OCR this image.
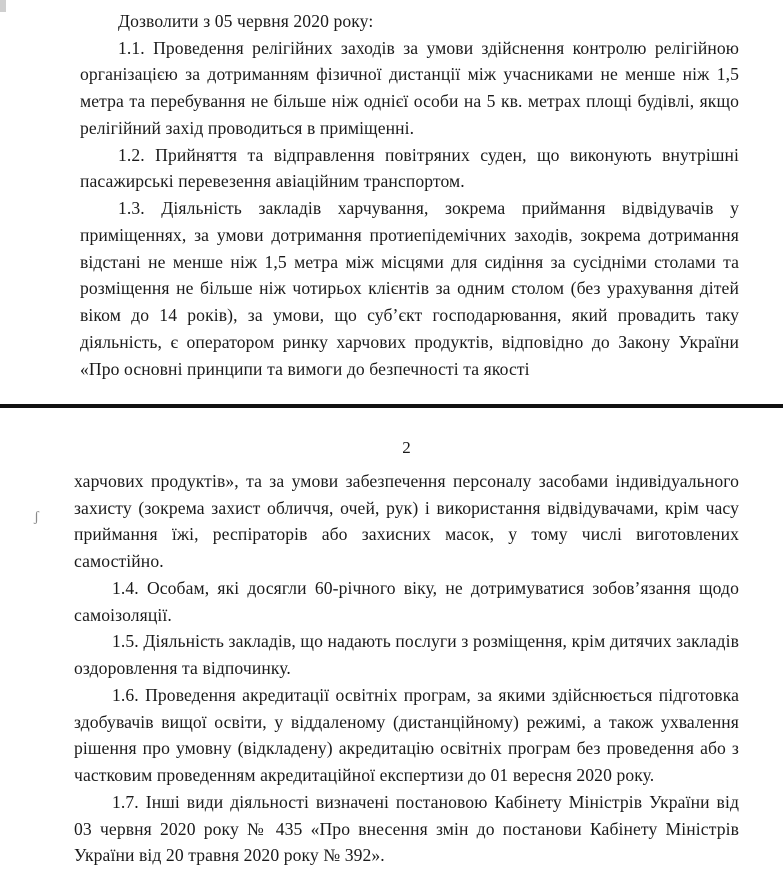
Дозволити з 05 червня 2020 року:

1.1. Проведення релігійних заходів за умови здійснення контролю релігійною організацією за дотриманням фізичної дистанції між учасниками не менше ніж 1,5 метра та перебування не більше ніж однієї особи на 5 кв. метрах площі будівлі, якщо релігійний захід проводиться в приміщенні.

1.2. Прийняття та відправлення повітряних суден, що виконують внутрішні пасажирські перевезення авіаційним транспортом.

1.3. Діяльність закладів харчування, зокрема приймання відвідувачів у приміщеннях, за умови дотримання протиепідемічних заходів, зокрема дотримання відстані не менше ніж 1,5 метра між місцями для сидіння за сусідніми столами та розміщення не більше ніж чотирьох клієнтів за одним столом (без урахування дітей віком до 14 років), за умови, що суб’єкт господарювання, який провадить таку діяльність, є оператором ринку харчових продуктів, відповідно до Закону України «Про основні принципи та вимоги до безпечності та якості

ʃ
2

харчових продуктів», та за умови забезпечення персоналу засобами індивідуального захисту (зокрема захист обличчя, очей, рук) і використання відвідувачами, крім часу приймання їжі, респіраторів або захисних масок, у тому числі виготовлених самостійно.

1.4. Особам, які досягли 60-річного віку, не дотримуватися зобов’язання щодо самоізоляції.

1.5. Діяльність закладів, що надають послуги з розміщення, крім дитячих закладів оздоровлення та відпочинку.

1.6. Проведення акредитації освітніх програм, за якими здійснюється підготовка здобувачів вищої освіти, у віддаленому (дистанційному) режимі, а також ухвалення рішення про умовну (відкладену) акредитацію освітніх програм без проведення або з частковим проведенням акредитаційної експертизи до 01 вересня 2020 року.

1.7. Інші види діяльності визначені постановою Кабінету Міністрів України від 03 червня 2020 року № 435 «Про внесення змін до постанови Кабінету Міністрів України від 20 травня 2020 року № 392».
